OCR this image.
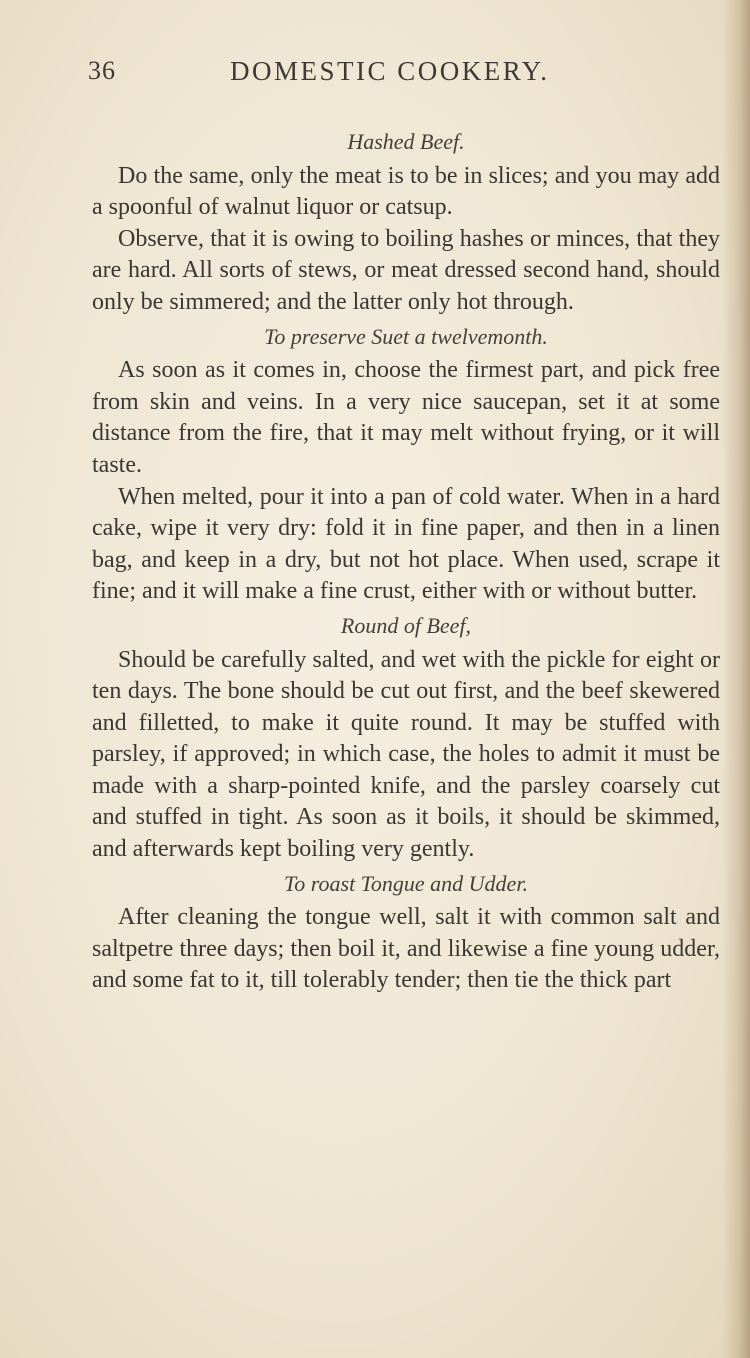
36	DOMESTIC COOKERY.
Hashed Beef.

Do the same, only the meat is to be in slices; and you may add a spoonful of walnut liquor or catsup.

Observe, that it is owing to boiling hashes or minces, that they are hard. All sorts of stews, or meat dressed second hand, should only be simmered; and the latter only hot through.

To preserve Suet a twelvemonth.

As soon as it comes in, choose the firmest part, and pick free from skin and veins. In a very nice saucepan, set it at some distance from the fire, that it may melt without frying, or it will taste.

When melted, pour it into a pan of cold water. When in a hard cake, wipe it very dry: fold it in fine paper, and then in a linen bag, and keep in a dry, but not hot place. When used, scrape it fine; and it will make a fine crust, either with or without butter.

Round of Beef,

Should be carefully salted, and wet with the pickle for eight or ten days. The bone should be cut out first, and the beef skewered and filletted, to make it quite round. It may be stuffed with parsley, if approved; in which case, the holes to admit it must be made with a sharp-pointed knife, and the parsley coarsely cut and stuffed in tight. As soon as it boils, it should be skimmed, and afterwards kept boiling very gently.

To roast Tongue and Udder.

After cleaning the tongue well, salt it with common salt and saltpetre three days; then boil it, and likewise a fine young udder, and some fat to it, till tolerably tender; then tie the thick part
